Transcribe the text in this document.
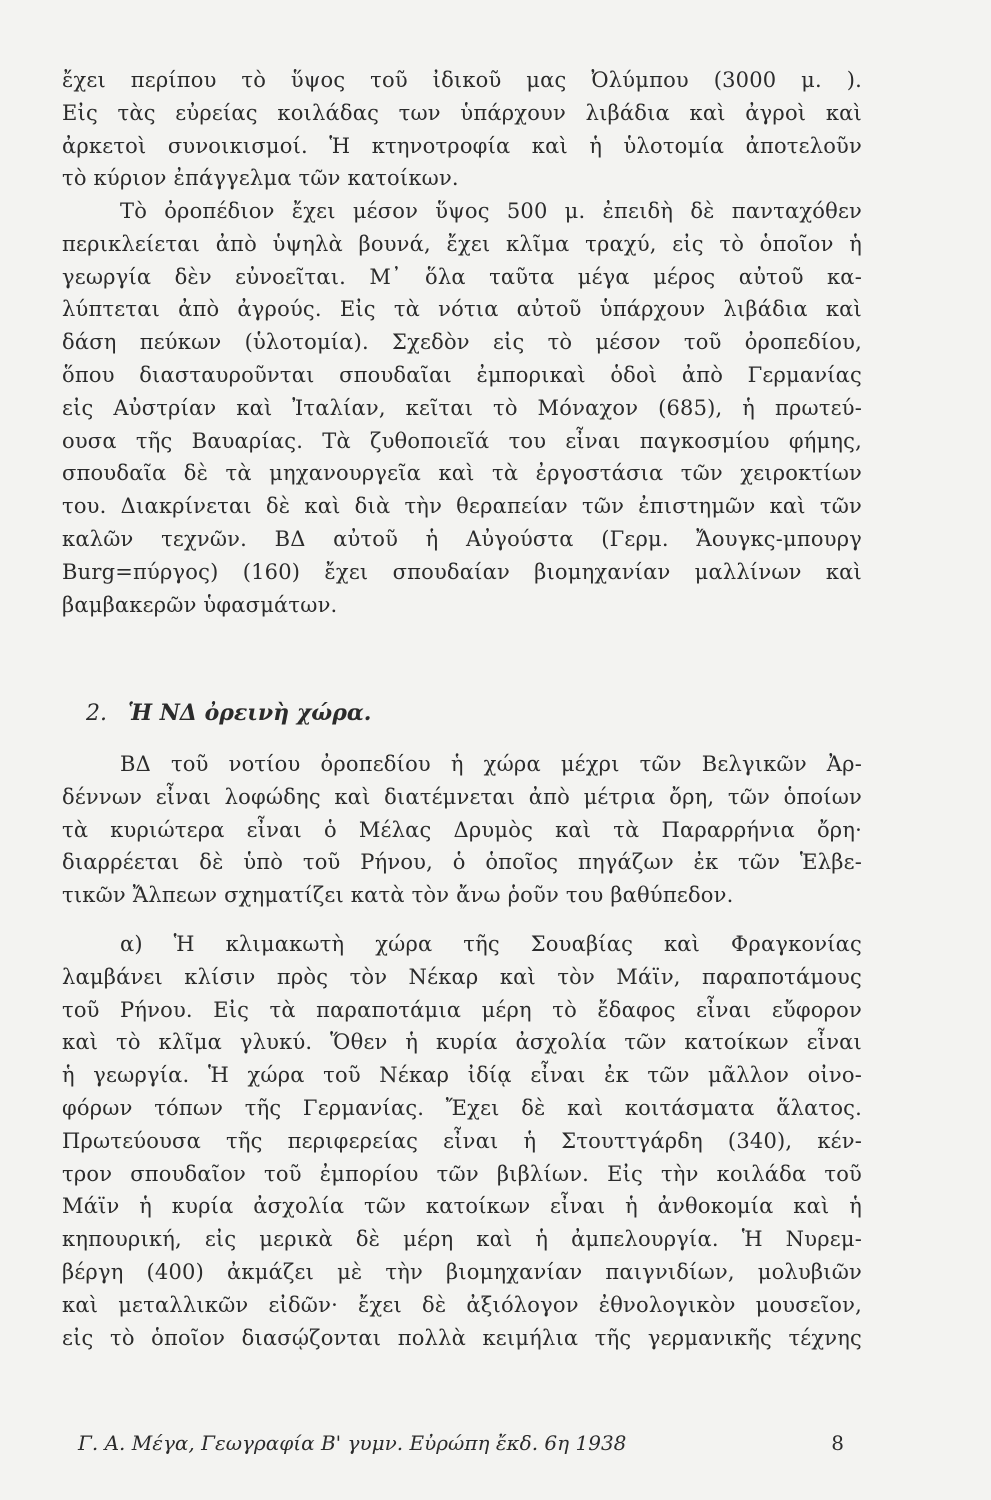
ἔχει περίπου τὸ ὕψος τοῦ ἰδικοῦ μας Ὀλύμπου (3000 μ. ).
Εἰς τὰς εὐρείας κοιλάδας των ὑπάρχουν λιβάδια καὶ ἀγροὶ καὶ
ἀρκετοὶ συνοικισμοί. Ἡ κτηνοτροφία καὶ ἡ ὑλοτομία ἀποτελοῦν
τὸ κύριον ἐπάγγελμα τῶν κατοίκων.
Τὸ ὀροπέδιον ἔχει μέσον ὕψος 500 μ. ἐπειδὴ δὲ πανταχόθεν
περικλείεται ἀπὸ ὑψηλὰ βουνά, ἔχει κλῖμα τραχύ, εἰς τὸ ὁποῖον ἡ
γεωργία δὲν εὐνοεῖται. Μ᾽ ὅλα ταῦτα μέγα μέρος αὐτοῦ κα-
λύπτεται ἀπὸ ἀγρούς. Εἰς τὰ νότια αὐτοῦ ὑπάρχουν λιβάδια καὶ
δάση πεύκων (ὑλοτομία). Σχεδὸν εἰς τὸ μέσον τοῦ ὀροπεδίου,
ὅπου διασταυροῦνται σπουδαῖαι ἐμπορικαὶ ὁδοὶ ἀπὸ Γερμανίας
εἰς Αὐστρίαν καὶ Ἰταλίαν, κεῖται τὸ Μόναχον (685), ἡ πρωτεύ-
ουσα τῆς Βαυαρίας. Τὰ ζυθοποιεῖά του εἶναι παγκοσμίου φήμης,
σπουδαῖα δὲ τὰ μηχανουργεῖα καὶ τὰ ἐργοστάσια τῶν χειροκτίων
του. Διακρίνεται δὲ καὶ διὰ τὴν θεραπείαν τῶν ἐπιστημῶν καὶ τῶν
καλῶν τεχνῶν. ΒΔ αὐτοῦ ἡ Αὐγούστα (Γερμ. Ἄουγκς-μπουργ
Burg=πύργος) (160) ἔχει σπουδαίαν βιομηχανίαν μαλλίνων καὶ
βαμβακερῶν ὑφασμάτων.
2. Ἡ ΝΔ ὀρεινὴ χώρα.
ΒΔ τοῦ νοτίου ὀροπεδίου ἡ χώρα μέχρι τῶν Βελγικῶν Ἀρ-
δέννων εἶναι λοφώδης καὶ διατέμνεται ἀπὸ μέτρια ὄρη, τῶν ὁποίων
τὰ κυριώτερα εἶναι ὁ Μέλας Δρυμὸς καὶ τὰ Παραρρήνια ὄρη·
διαρρέεται δὲ ὑπὸ τοῦ Ρήνου, ὁ ὁποῖος πηγάζων ἐκ τῶν Ἑλβε-
τικῶν Ἄλπεων σχηματίζει κατὰ τὸν ἄνω ῥοῦν του βαθύπεδον.
α) Ἡ κλιμακωτὴ χώρα τῆς Σουαβίας καὶ Φραγκονίας
λαμβάνει κλίσιν πρὸς τὸν Νέκαρ καὶ τὸν Μάϊν, παραποτάμους
τοῦ Ρήνου. Εἰς τὰ παραποτάμια μέρη τὸ ἔδαφος εἶναι εὔφορον
καὶ τὸ κλῖμα γλυκύ. Ὅθεν ἡ κυρία ἀσχολία τῶν κατοίκων εἶναι
ἡ γεωργία. Ἡ χώρα τοῦ Νέκαρ ἰδίᾳ εἶναι ἐκ τῶν μᾶλλον οἰνο-
φόρων τόπων τῆς Γερμανίας. Ἔχει δὲ καὶ κοιτάσματα ἅλατος.
Πρωτεύουσα τῆς περιφερείας εἶναι ἡ Στουττγάρδη (340), κέν-
τρον σπουδαῖον τοῦ ἐμπορίου τῶν βιβλίων. Εἰς τὴν κοιλάδα τοῦ
Μάϊν ἡ κυρία ἀσχολία τῶν κατοίκων εἶναι ἡ ἀνθοκομία καὶ ἡ
κηπουρική, εἰς μερικὰ δὲ μέρη καὶ ἡ ἀμπελουργία. Ἡ Νυρεμ-
βέργη (400) ἀκμάζει μὲ τὴν βιομηχανίαν παιγνιδίων, μολυβιῶν
καὶ μεταλλικῶν εἰδῶν· ἔχει δὲ ἀξιόλογον ἐθνολογικὸν μουσεῖον,
εἰς τὸ ὁποῖον διασῴζονται πολλὰ κειμήλια τῆς γερμανικῆς τέχνης
Γ. Α. Μέγα, Γεωγραφία Β' γυμν. Εὐρώπη ἔκδ. 6η 1938	8
